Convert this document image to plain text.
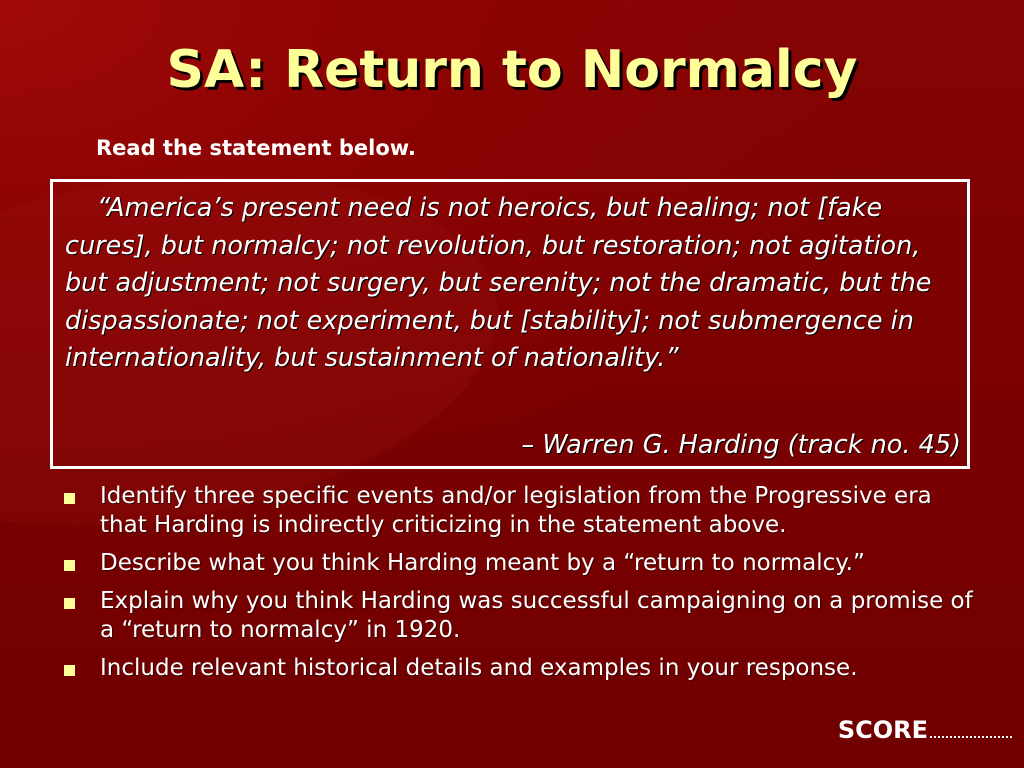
SA: Return to Normalcy
Read the statement below.
“America’s present need is not heroics, but healing; not [fake cures], but normalcy; not revolution, but restoration; not agitation, but adjustment; not surgery, but serenity; not the dramatic, but the dispassionate; not experiment, but [stability]; not submergence in internationality, but sustainment of nationality.”
– Warren G. Harding (track no. 45)
Identify three specific events and/or legislation from the Progressive era that Harding is indirectly criticizing in the statement above.
Describe what you think Harding meant by a “return to normalcy.”
Explain why you think Harding was successful campaigning on a promise of a “return to normalcy” in 1920.
Include relevant historical details and examples in your response.
SCORE
